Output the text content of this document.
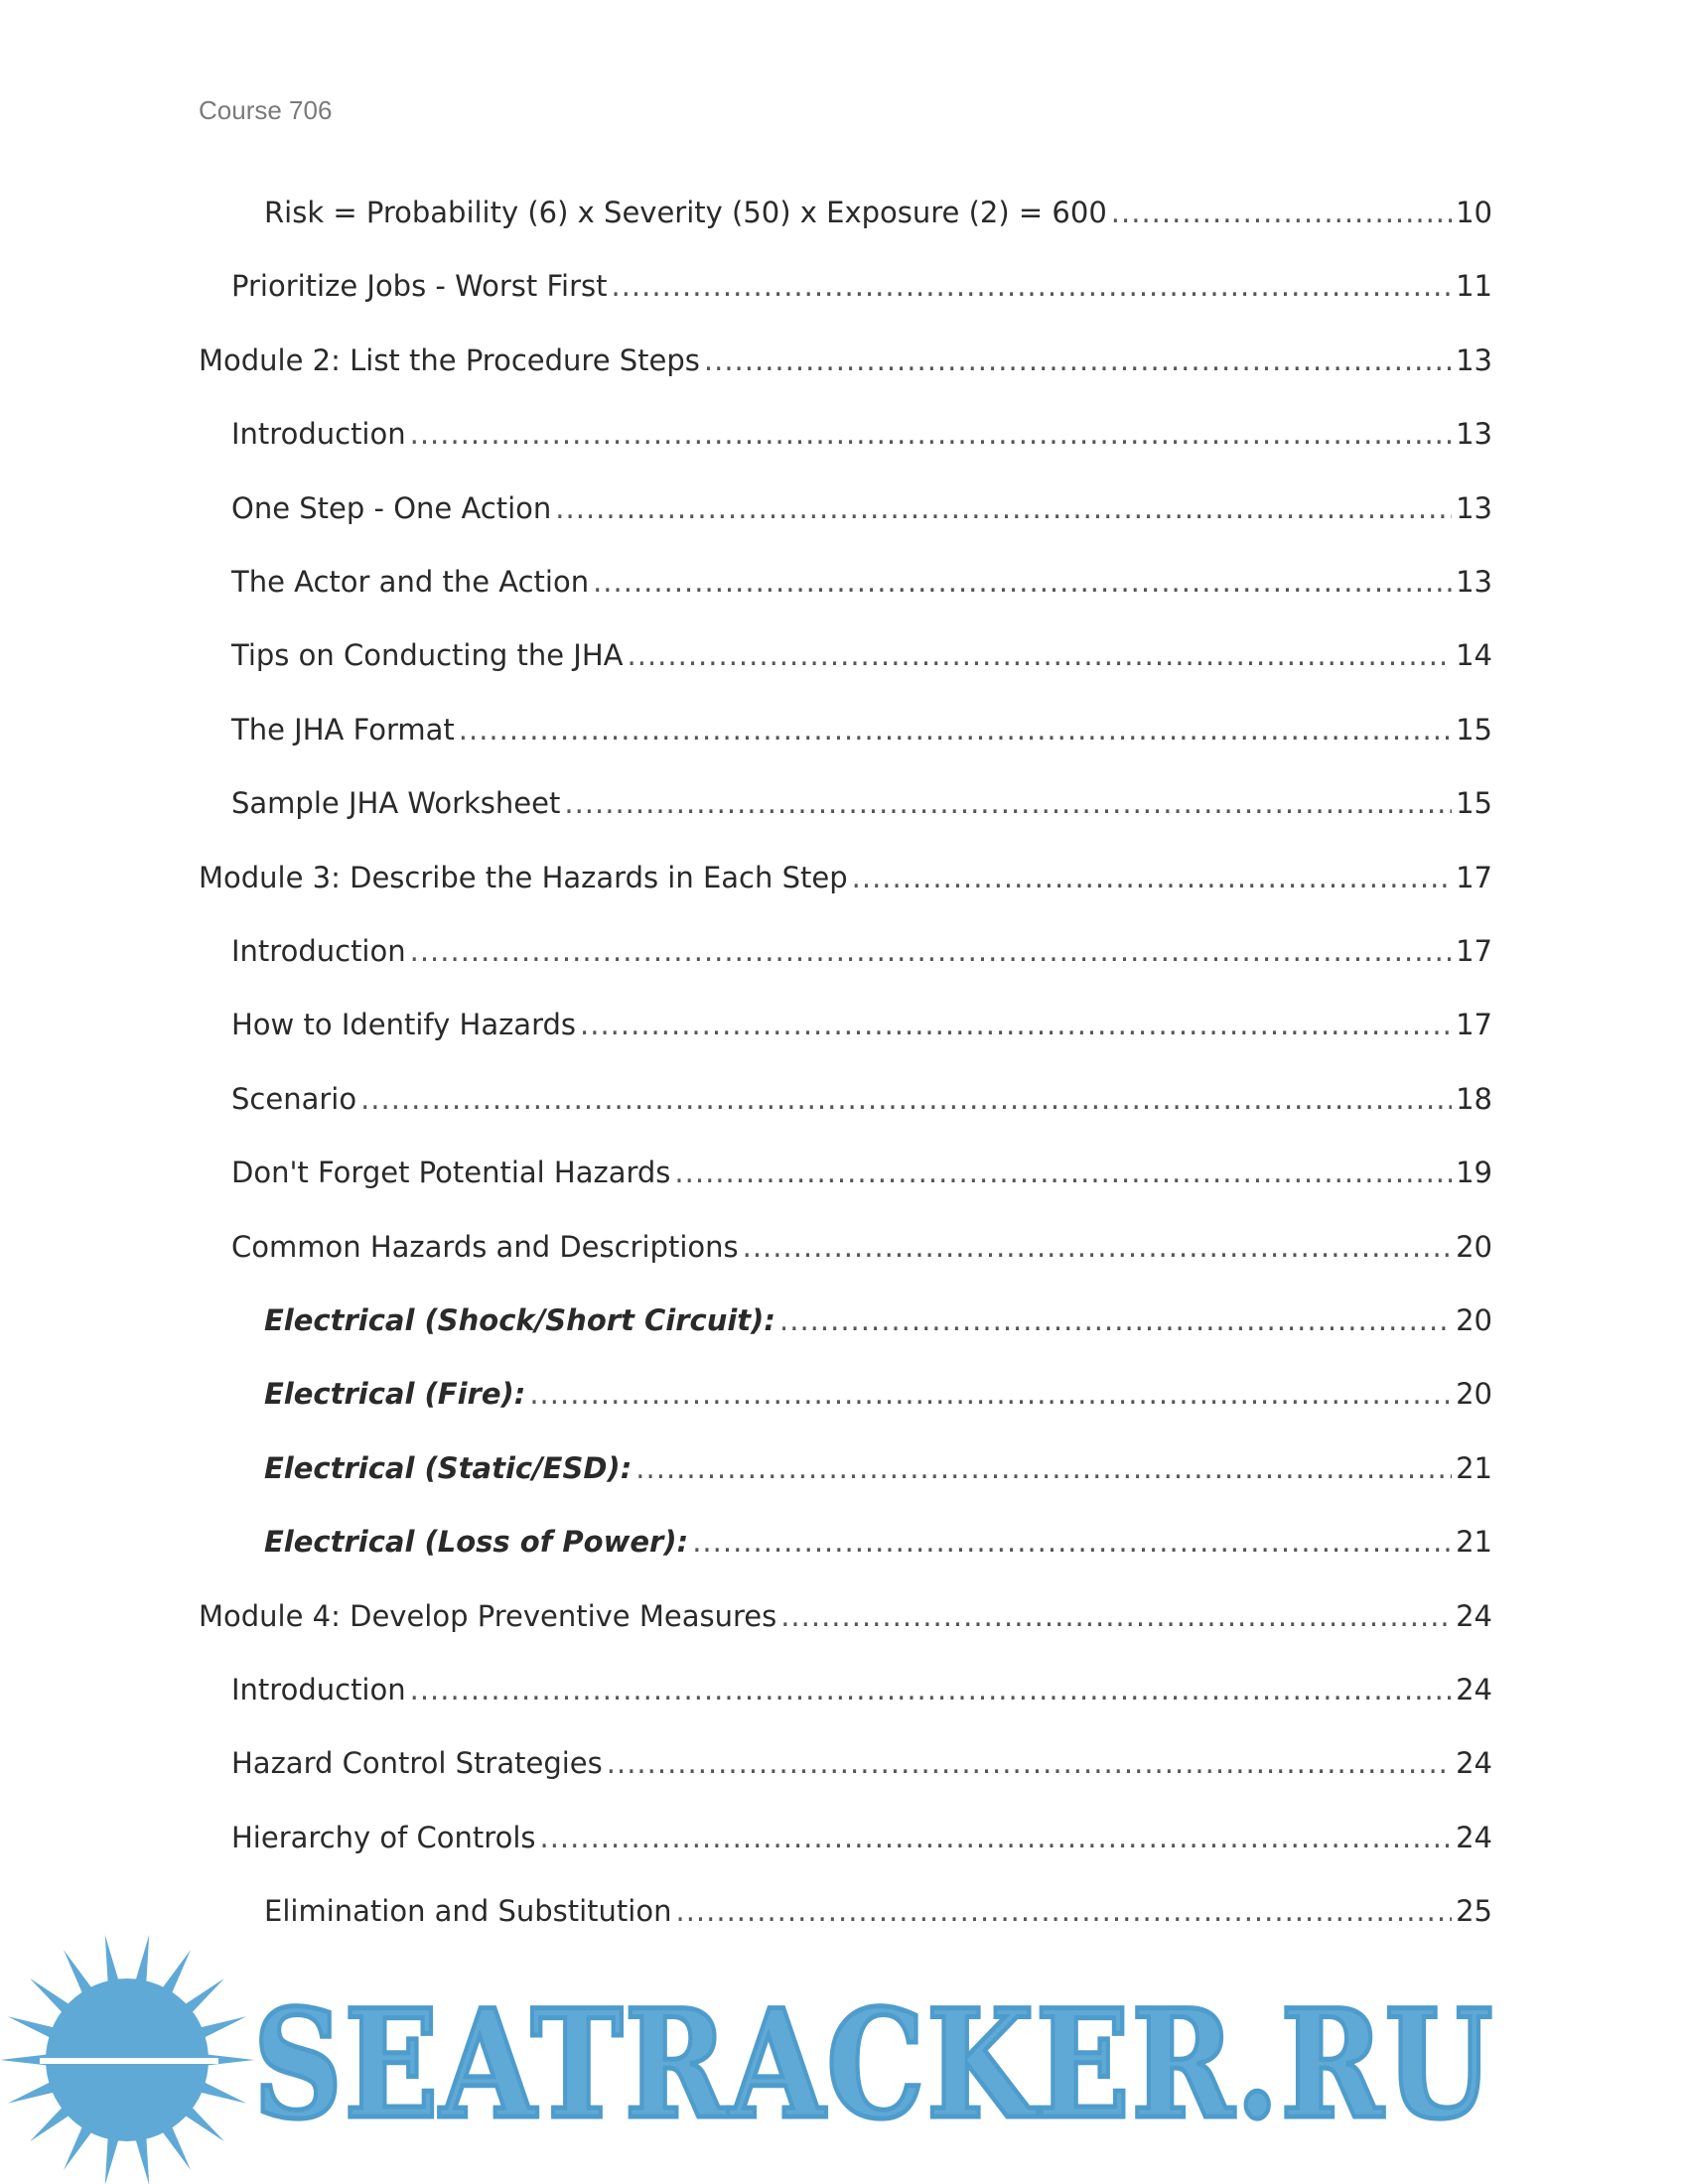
Course 706
Risk = Probability (6) x Severity (50) x Exposure (2) = 600 .....	10
Prioritize Jobs - Worst First .....	11
Module 2: List the Procedure Steps .....	13
Introduction .....	13
One Step - One Action .....	13
The Actor and the Action .....	13
Tips on Conducting the JHA .....	14
The JHA Format .....	15
Sample JHA Worksheet .....	15
Module 3: Describe the Hazards in Each Step .....	17
Introduction .....	17
How to Identify Hazards .....	17
Scenario .....	18
Don't Forget Potential Hazards .....	19
Common Hazards and Descriptions .....	20
Electrical (Shock/Short Circuit): .....	20
Electrical (Fire): .....	20
Electrical (Static/ESD): .....	21
Electrical (Loss of Power): .....	21
Module 4: Develop Preventive Measures .....	24
Introduction .....	24
Hazard Control Strategies .....	24
Hierarchy of Controls .....	24
Elimination and Substitution .....	25
SEATRACKER.RU
